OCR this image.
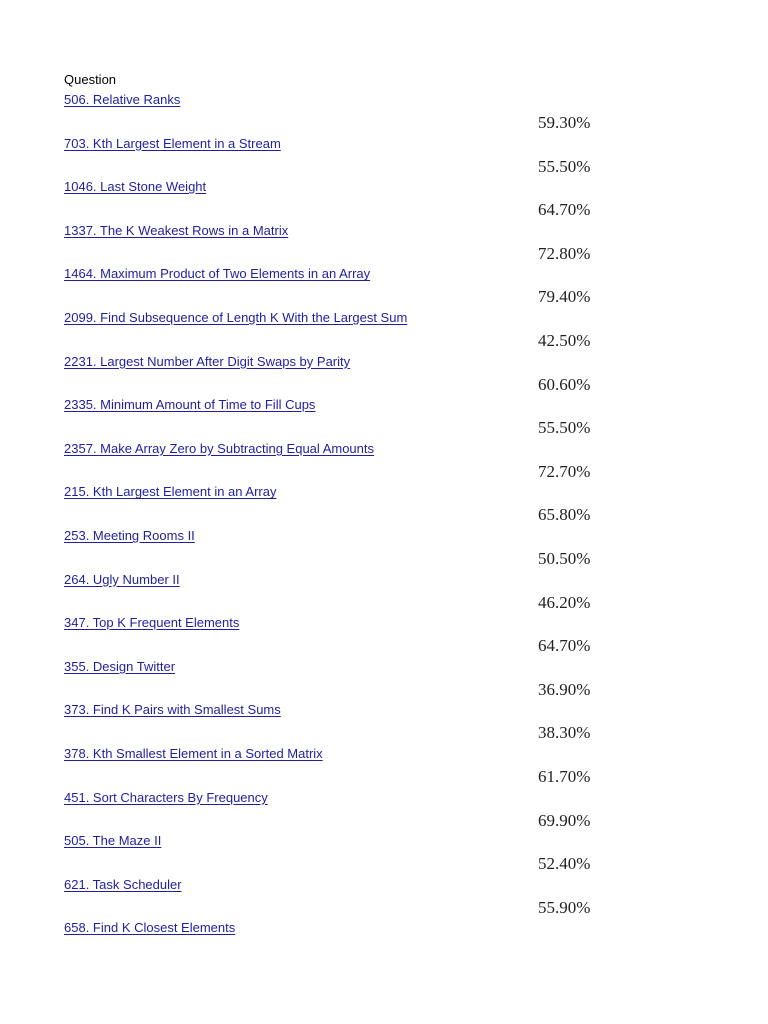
Question
506. Relative Ranks
59.30%
703. Kth Largest Element in a Stream
55.50%
1046. Last Stone Weight
64.70%
1337. The K Weakest Rows in a Matrix
72.80%
1464. Maximum Product of Two Elements in an Array
79.40%
2099. Find Subsequence of Length K With the Largest Sum
42.50%
2231. Largest Number After Digit Swaps by Parity
60.60%
2335. Minimum Amount of Time to Fill Cups
55.50%
2357. Make Array Zero by Subtracting Equal Amounts
72.70%
215. Kth Largest Element in an Array
65.80%
253. Meeting Rooms II
50.50%
264. Ugly Number II
46.20%
347. Top K Frequent Elements
64.70%
355. Design Twitter
36.90%
373. Find K Pairs with Smallest Sums
38.30%
378. Kth Smallest Element in a Sorted Matrix
61.70%
451. Sort Characters By Frequency
69.90%
505. The Maze II
52.40%
621. Task Scheduler
55.90%
658. Find K Closest Elements
